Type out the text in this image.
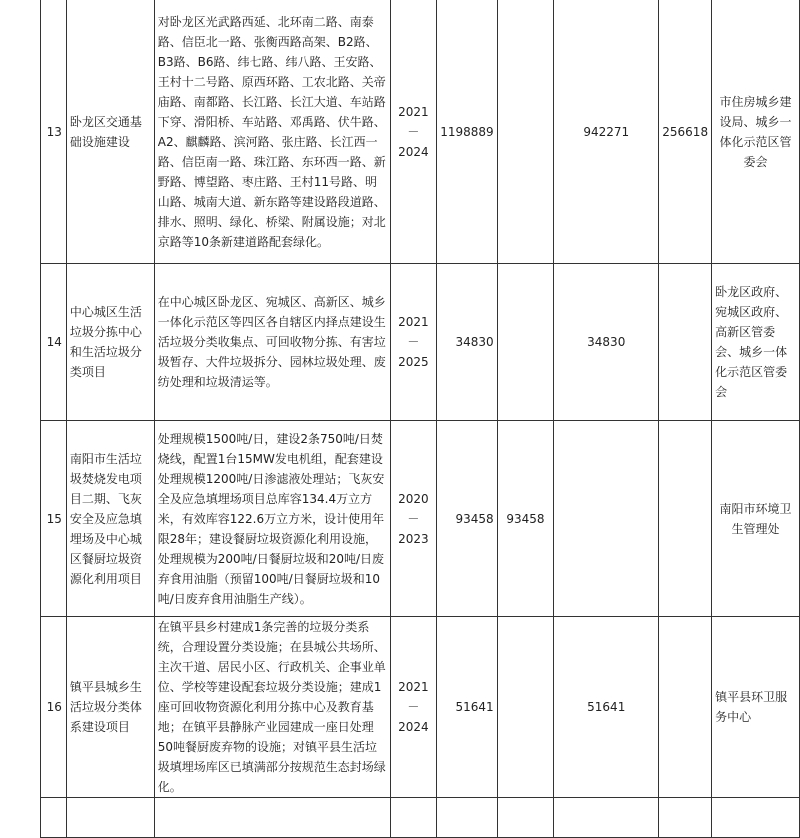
13	卧龙区交通基础设施建设	对卧龙区光武路西延、北环南二路、南泰路、信臣北一路、张衡西路高架、B2路、B3路、B6路、纬七路、纬八路、王安路、王村十二号路、原西环路、工农北路、关帝庙路、南都路、长江路、长江大道、车站路下穿、滑阳桥、车站路、邓禹路、伏牛路、A2、麒麟路、滨河路、张庄路、长江西一路、信臣南一路、珠江路、东环西一路、新野路、博望路、枣庄路、王村11号路、明山路、城南大道、新东路等建设路段道路、排水、照明、绿化、桥梁、附属设施；对北京路等10条新建道路配套绿化。	2021－2024	1198889		942271	256618	市住房城乡建设局、城乡一体化示范区管委会
14	中心城区生活垃圾分拣中心和生活垃圾分类项目	在中心城区卧龙区、宛城区、高新区、城乡一体化示范区等四区各自辖区内择点建设生活垃圾分类收集点、可回收物分拣、有害垃圾暂存、大件垃圾拆分、园林垃圾处理、废纺处理和垃圾清运等。	2021－2025	34830		34830		卧龙区政府、宛城区政府、高新区管委会、城乡一体化示范区管委会
15	南阳市生活垃圾焚烧发电项目二期、飞灰安全及应急填埋场及中心城区餐厨垃圾资源化利用项目	处理规模1500吨/日，建设2条750吨/日焚烧线，配置1台15MW发电机组，配套建设处理规模1200吨/日渗滤液处理站；飞灰安全及应急填埋场项目总库容134.4万立方米，有效库容122.6万立方米，设计使用年限28年；建设餐厨垃圾资源化利用设施，处理规模为200吨/日餐厨垃圾和20吨/日废弃食用油脂（预留100吨/日餐厨垃圾和10吨/日废弃食用油脂生产线）。	2020－2023	93458	93458			南阳市环境卫生管理处
16	镇平县城乡生活垃圾分类体系建设项目	在镇平县乡村建成1条完善的垃圾分类系统，合理设置分类设施；在县城公共场所、主次干道、居民小区、行政机关、企事业单位、学校等建设配套垃圾分类设施；建成1座可回收物资源化利用分拣中心及教育基地；在镇平县静脉产业园建成一座日处理50吨餐厨废弃物的设施；对镇平县生活垃圾填埋场库区已填满部分按规范生态封场绿化。	2021－2024	51641		51641		镇平县环卫服务中心
